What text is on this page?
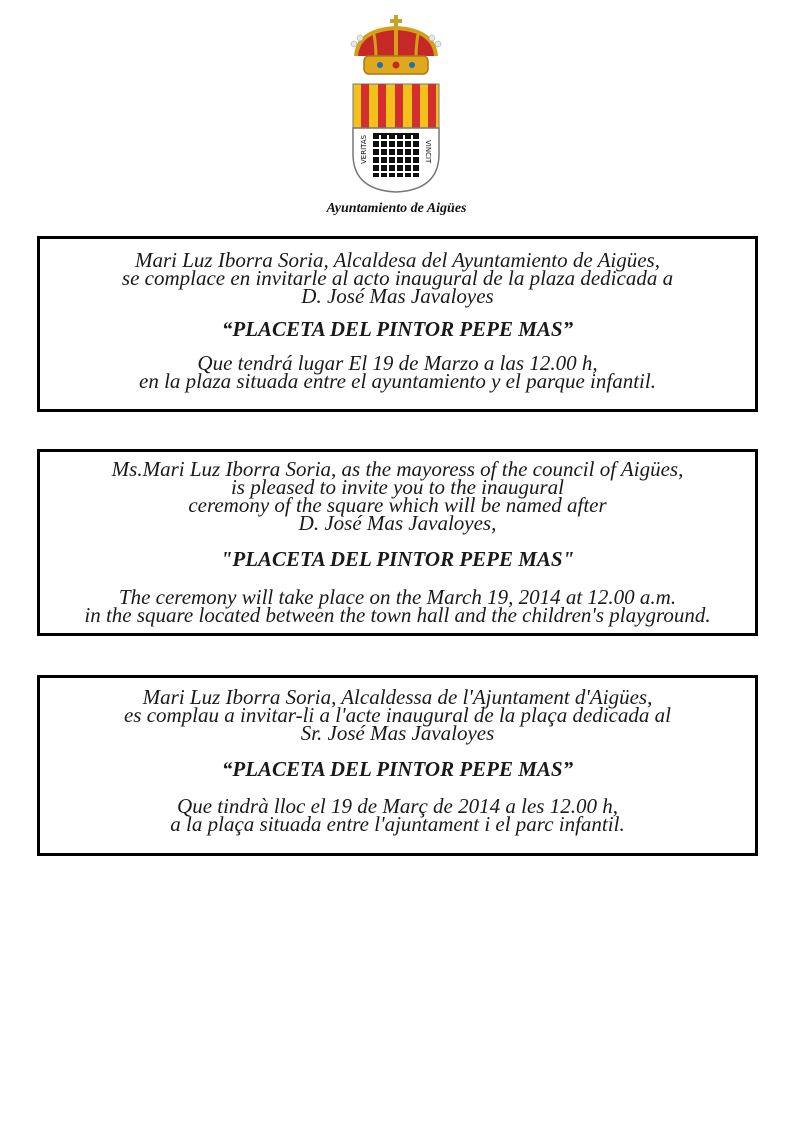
VERITAS	VINCIT
Ayuntamiento de Aigües

Mari Luz Iborra Soria, Alcaldesa del Ayuntamiento de Aigües,
se complace en invitarle al acto inaugural de la plaza dedicada a
D. José Mas Javaloyes

“PLACETA DEL PINTOR PEPE MAS”

Que tendrá lugar El 19 de Marzo a las 12.00 h,
en la plaza situada entre el ayuntamiento y el parque infantil.

Ms.Mari Luz Iborra Soria, as the mayoress of the council of Aigües,
is pleased to invite you to the inaugural
ceremony of the square which will be named after
D. José Mas Javaloyes,

"PLACETA DEL PINTOR PEPE MAS"

The ceremony will take place on the March 19, 2014 at 12.00 a.m.
in the square located between the town hall and the children's playground.

Mari Luz Iborra Soria, Alcaldessa de l'Ajuntament d'Aigües,
es complau a invitar-li a l'acte inaugural de la plaça dedicada al
Sr. José Mas Javaloyes

“PLACETA DEL PINTOR PEPE MAS”

Que tindrà lloc el 19 de Març de 2014 a les 12.00 h,
a la plaça situada entre l'ajuntament i el parc infantil.
